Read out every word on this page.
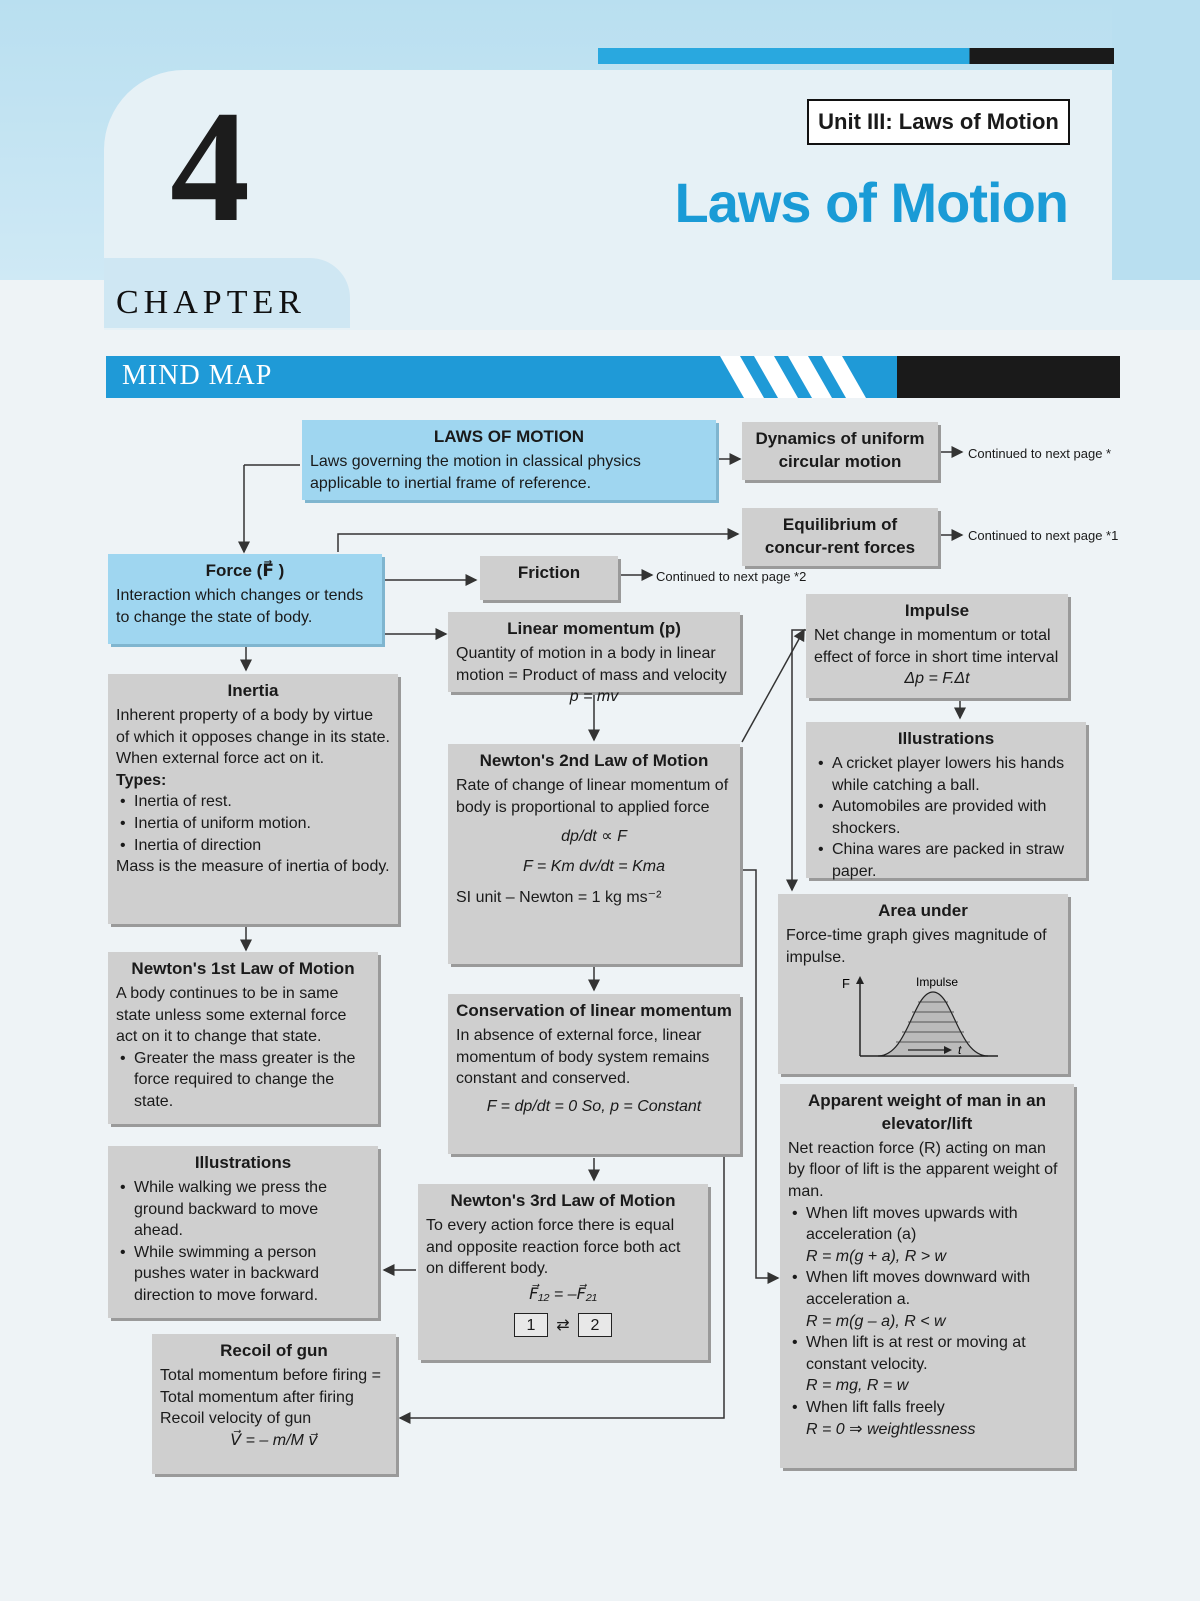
4
CHAPTER
Unit III: Laws of Motion
Laws of Motion
MIND MAP
LAWS OF MOTION
Laws governing the motion in classical physics applicable to inertial frame of reference.
Dynamics of uniform circular motion	Continued to next page *
Equilibrium of concur-rent forces
Continued to next page *1
Force (F⃗ )
Interaction which changes or tends to change the state of body.
Friction	Continued to next page *2
Linear momentum (p)
Quantity of motion in a body in linear motion = Product of mass and velocity
p = mv
Impulse
Net change in momentum or total effect of force in short time interval
Δp = F.Δt
Inertia
Inherent property of a body by virtue of which it opposes change in its state. When external force act on it.
Types:
• Inertia of rest.
• Inertia of uniform motion.
• Inertia of direction
Mass is the measure of inertia of body.
Newton's 2nd Law of Motion
Rate of change of linear momentum of body is proportional to applied force
dp/dt ∝ F
F = Km dv/dt = Kma
SI unit – Newton = 1 kg ms⁻²
Illustrations
• A cricket player lowers his hands while catching a ball.
• Automobiles are provided with shockers.
• China wares are packed in straw paper.
Area under
Force-time graph gives magnitude of impulse.
F
t
Impulse
Newton's 1st Law of Motion
A body continues to be in same state unless some external force act on it to change that state.
• Greater the mass greater is the force required to change the state.
Conservation of linear momentum
In absence of external force, linear momentum of body system remains constant and conserved.
F = dp/dt = 0 So, p = Constant	Apparent weight of man in an elevator/lift
Net reaction force (R) acting on man by floor of lift is the apparent weight of man.
• When lift moves upwards with acceleration (a)
R = m(g + a), R > w
• When lift moves downward with acceleration a.
R = m(g – a), R < w
• When lift is at rest or moving at constant velocity.
R = mg, R = w
• When lift falls freely
R = 0 ⇒ weightlessness
Illustrations
• While walking we press the ground backward to move ahead.
• While swimming a person pushes water in backward direction to move forward.
Newton's 3rd Law of Motion
To every action force there is equal and opposite reaction force both act on different body.
F⃗₁₂ = –F⃗₂₁
1	⇄	2
Recoil of gun
Total momentum before firing = Total momentum after firing Recoil velocity of gun
V⃗ = – m/M v⃗
